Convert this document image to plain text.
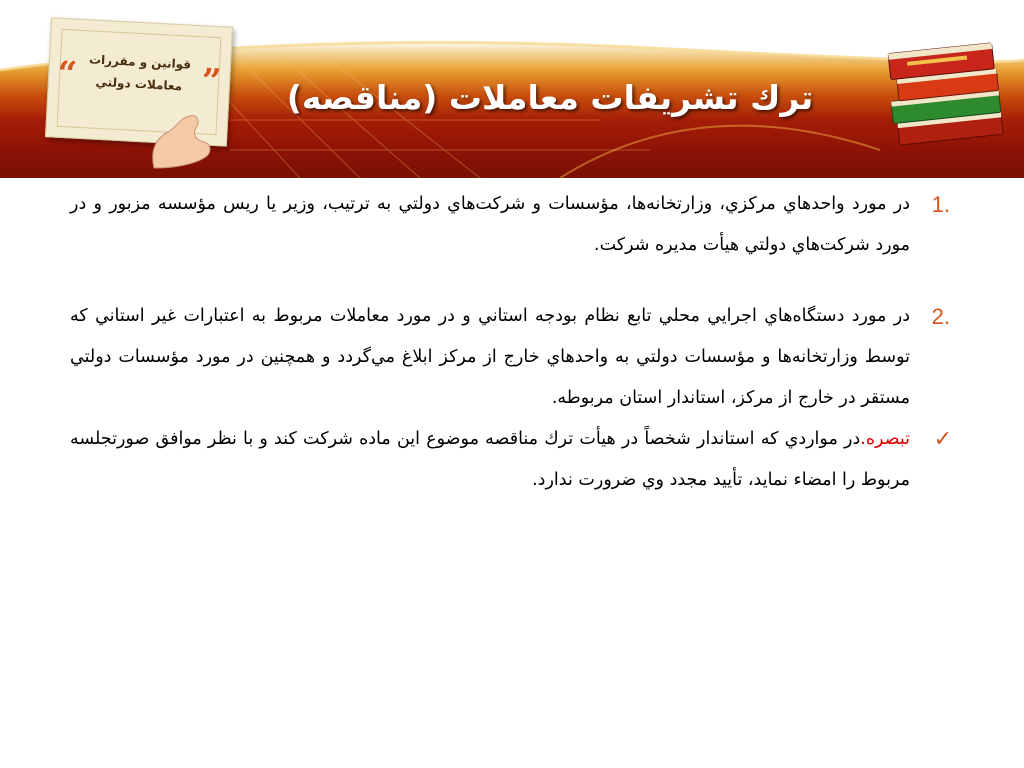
“	”
قوانين و مقررات
معاملات دولتي	ترك تشريفات معاملات (مناقصه)
1.
در مورد واحدهاي مركزي، وزارتخانه‌ها، مؤسسات و شركت‌هاي دولتي به ترتيب، وزير يا ريس مؤسسه مزبور و در مورد شركت‌هاي دولتي هيأت مديره شركت.
2.
در مورد دستگاه‌هاي اجرايي محلي تابع نظام بودجه استاني و در مورد معاملات مربوط به اعتبارات غير استاني كه توسط وزارتخانه‌ها و مؤسسات دولتي به واحدهاي خارج از مركز ابلاغ مي‌گردد و همچنين در مورد مؤسسات دولتي مستقر در خارج از مركز، استاندار استان مربوطه.
✓
تبصره.در مواردي كه استاندار شخصاً در هيأت ترك مناقصه موضوع اين ماده شركت كند و با نظر موافق صورتجلسه مربوط را امضاء نمايد، تأييد مجدد وي ضرورت ندارد.
